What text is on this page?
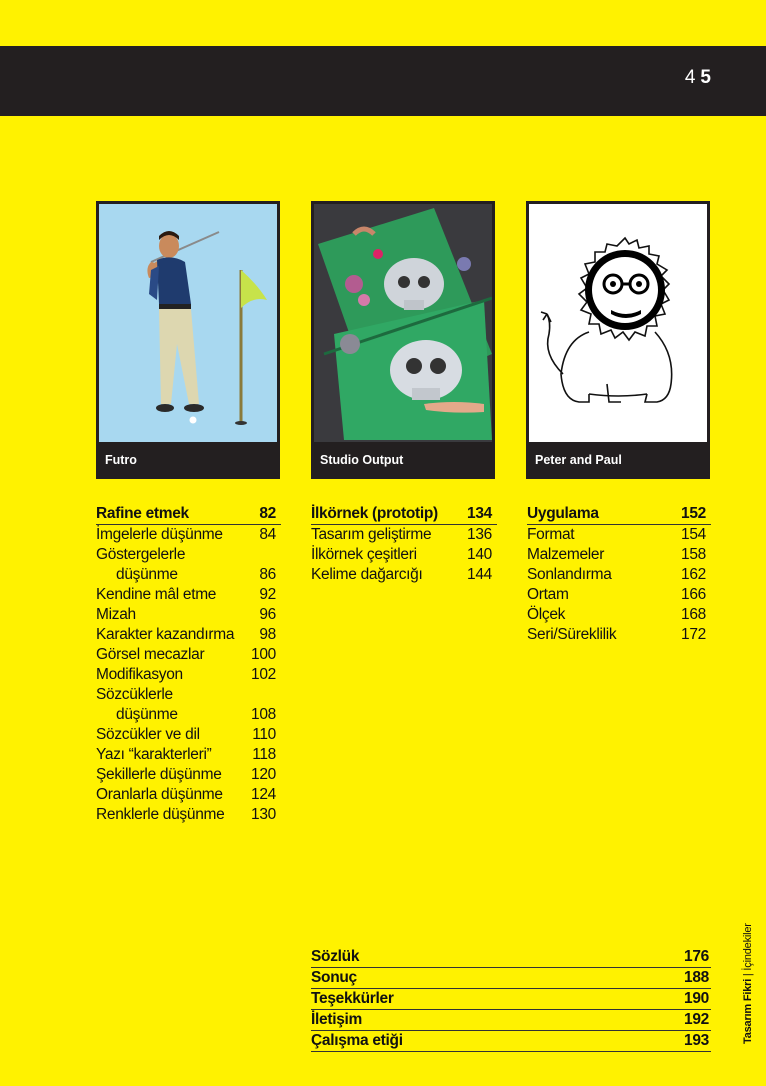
4 5
Futro	Studio Output	Peter and Paul
Rafine etmek	82
İmgelerle düşünme 84
Göstergelerle
düşünme	86
Kendine mâl etme	92
Mizah	96
Karakter kazandırma 98
Görsel mecazlar	100
Modifikasyon	102
Sözcüklerle
düşünme	108
Sözcükler ve dil	110
Yazı “karakterleri”	118
Şekillerle düşünme 120
Oranlarla düşünme 124
Renklerle düşünme 130
İlkörnek (prototip) 134
Tasarım geliştirme 136
İlkörnek çeşitleri	140
Kelime dağarcığı	144
Uygulama	152
Format	154
Malzemeler	158
Sonlandırma	162
Ortam	166
Ölçek	168
Seri/Süreklilik	172
Sözlük	176
Sonuç	188
Teşekkürler	190
İletişim	192
Çalışma etiği	193	Tasarım Fikri | İçindekiler
